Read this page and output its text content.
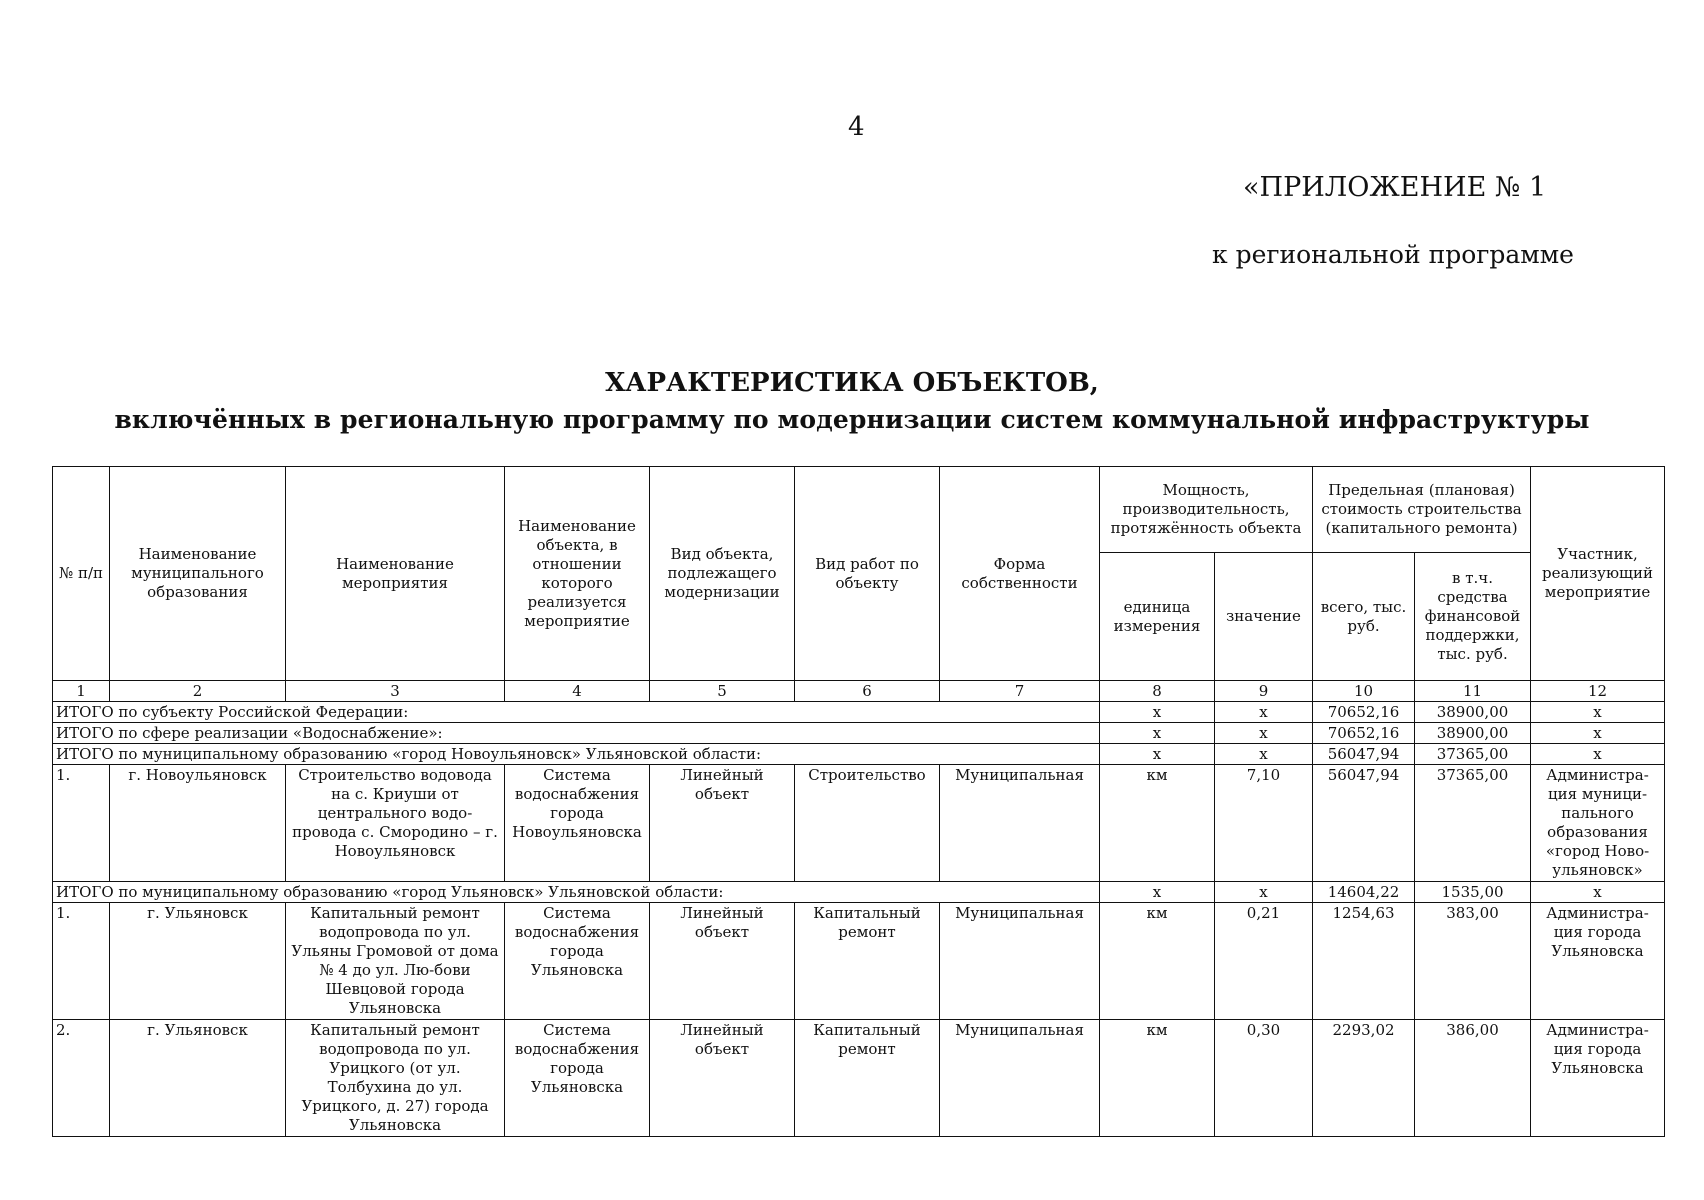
4
«ПРИЛОЖЕНИЕ № 1
к региональной программе
ХАРАКТЕРИСТИКА ОБЪЕКТОВ,
включённых в региональную программу по модернизации систем коммунальной инфраструктуры
№ п/п	Наименование муниципального образования	Наименование мероприятия	Наименование объекта, в отношении которого реализуется мероприятие	Вид объекта, подлежащего модернизации	Вид работ по объекту	Форма собственности	Мощность, производительность, протяжённость объекта		Предельная (плановая) стоимость строительства (капитального ремонта)		Участник, реализующий мероприятие
							единица измерения	значение	всего, тыс. руб.	в т.ч. средства финансовой поддержки, тыс. руб.	
1	2	3	4	5	6	7	8	9	10	11	12
ИТОГО по субъекту Российской Федерации:							х	х	70652,16	38900,00	х
ИТОГО по сфере реализации «Водоснабжение»:							х	х	70652,16	38900,00	х
ИТОГО по муниципальному образованию «город Новоульяновск» Ульяновской области:							х	х	56047,94	37365,00	х
1.	г. Новоульяновск	Строительство водовода на с. Криуши от центрального водо-провода с. Смородино – г. Новоульяновск	Система водоснабжения города Новоульяновска	Линейный объект	Строительство	Муниципальная	км	7,10	56047,94	37365,00	Администра-ция муници-пального образования «город Ново-ульяновск»
ИТОГО по муниципальному образованию «город Ульяновск» Ульяновской области:							х	х	14604,22	1535,00	х
1.	г. Ульяновск	Капитальный ремонт водопровода по ул. Ульяны Громовой от дома № 4 до ул. Лю-бови Шевцовой города Ульяновска	Система водоснабжения города Ульяновска	Линейный объект	Капитальный ремонт	Муниципальная	км	0,21	1254,63	383,00	Администра-ция города Ульяновска
2.	г. Ульяновск	Капитальный ремонт водопровода по ул. Урицкого (от ул. Толбухина до ул. Урицкого, д. 27) города Ульяновска	Система водоснабжения города Ульяновска	Линейный объект	Капитальный ремонт	Муниципальная	км	0,30	2293,02	386,00	Администра-ция города Ульяновска
